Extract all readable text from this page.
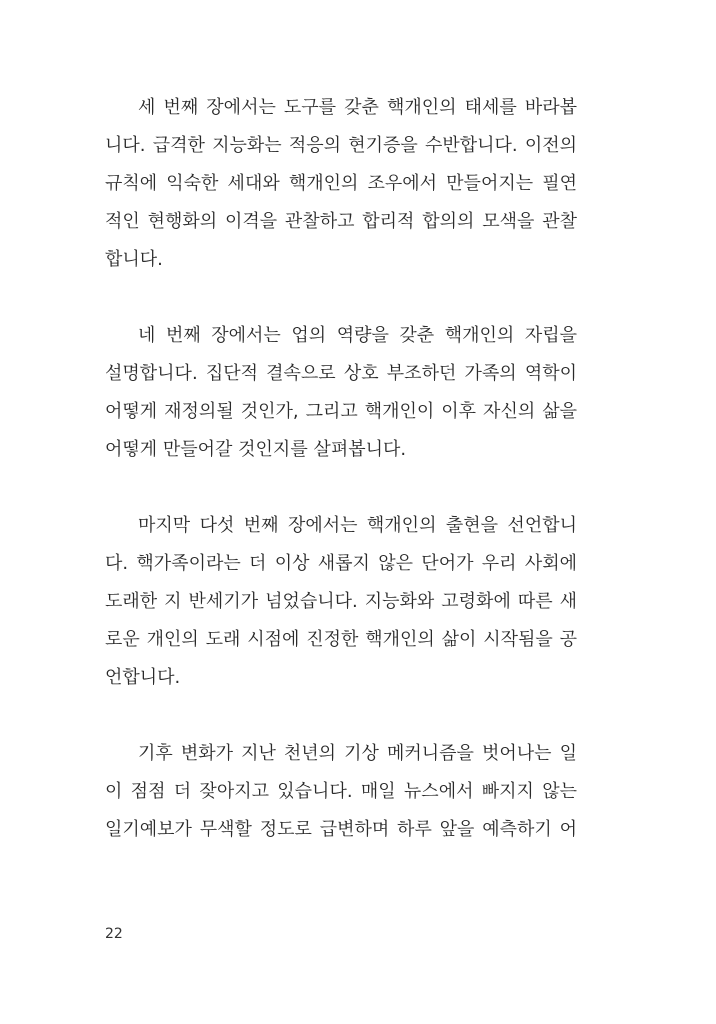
세 번째 장에서는 도구를 갖춘 핵개인의 태세를 바라봅
니다. 급격한 지능화는 적응의 현기증을 수반합니다. 이전의
규칙에 익숙한 세대와 핵개인의 조우에서 만들어지는 필연
적인 현행화의 이격을 관찰하고 합리적 합의의 모색을 관찰
합니다.
네 번째 장에서는 업의 역량을 갖춘 핵개인의 자립을
설명합니다. 집단적 결속으로 상호 부조하던 가족의 역학이
어떻게 재정의될 것인가, 그리고 핵개인이 이후 자신의 삶을
어떻게 만들어갈 것인지를 살펴봅니다.
마지막 다섯 번째 장에서는 핵개인의 출현을 선언합니
다. 핵가족이라는 더 이상 새롭지 않은 단어가 우리 사회에
도래한 지 반세기가 넘었습니다. 지능화와 고령화에 따른 새
로운 개인의 도래 시점에 진정한 핵개인의 삶이 시작됨을 공
언합니다.
기후 변화가 지난 천년의 기상 메커니즘을 벗어나는 일
이 점점 더 잦아지고 있습니다. 매일 뉴스에서 빠지지 않는
일기예보가 무색할 정도로 급변하며 하루 앞을 예측하기 어
22
